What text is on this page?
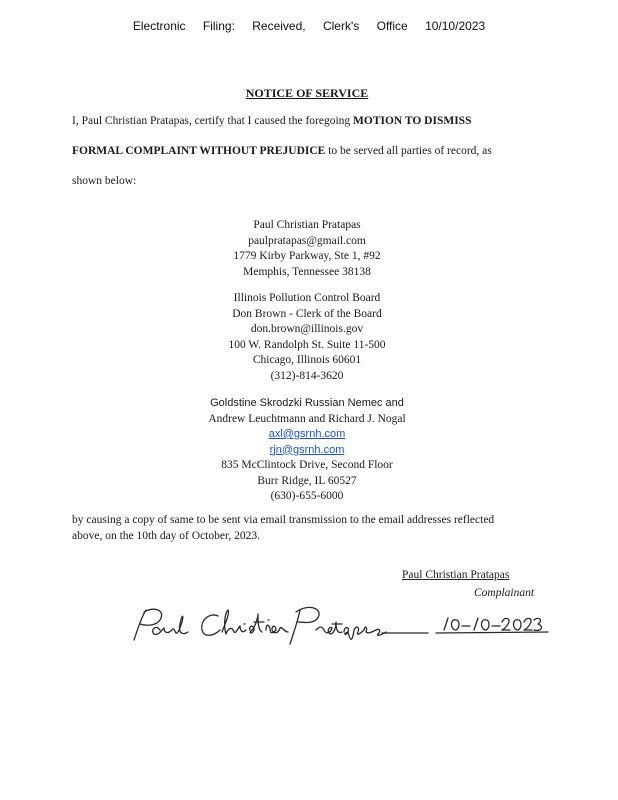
Electronic Filing: Received, Clerk's Office 10/10/2023
NOTICE OF SERVICE
I, Paul Christian Pratapas, certify that I caused the foregoing MOTION TO DISMISS
FORMAL COMPLAINT WITHOUT PREJUDICE to be served all parties of record, as
shown below:
Paul Christian Pratapas
paulpratapas@gmail.com
1779 Kirby Parkway, Ste 1, #92
Memphis, Tennessee 38138
Illinois Pollution Control Board
Don Brown - Clerk of the Board
don.brown@illinois.gov
100 W. Randolph St. Suite 11-500
Chicago, Illinois 60601
(312)-814-3620
Goldstine Skrodzki Russian Nemec and
Andrew Leuchtmann and Richard J. Nogal
axl@gsrnh.com
rjn@gsrnh.com
835 McClintock Drive, Second Floor
Burr Ridge, IL 60527
(630)-655-6000
by causing a copy of same to be sent via email transmission to the email addresses reflected
above, on the 10th day of October, 2023.
Paul Christian Pratapas
Complainant
